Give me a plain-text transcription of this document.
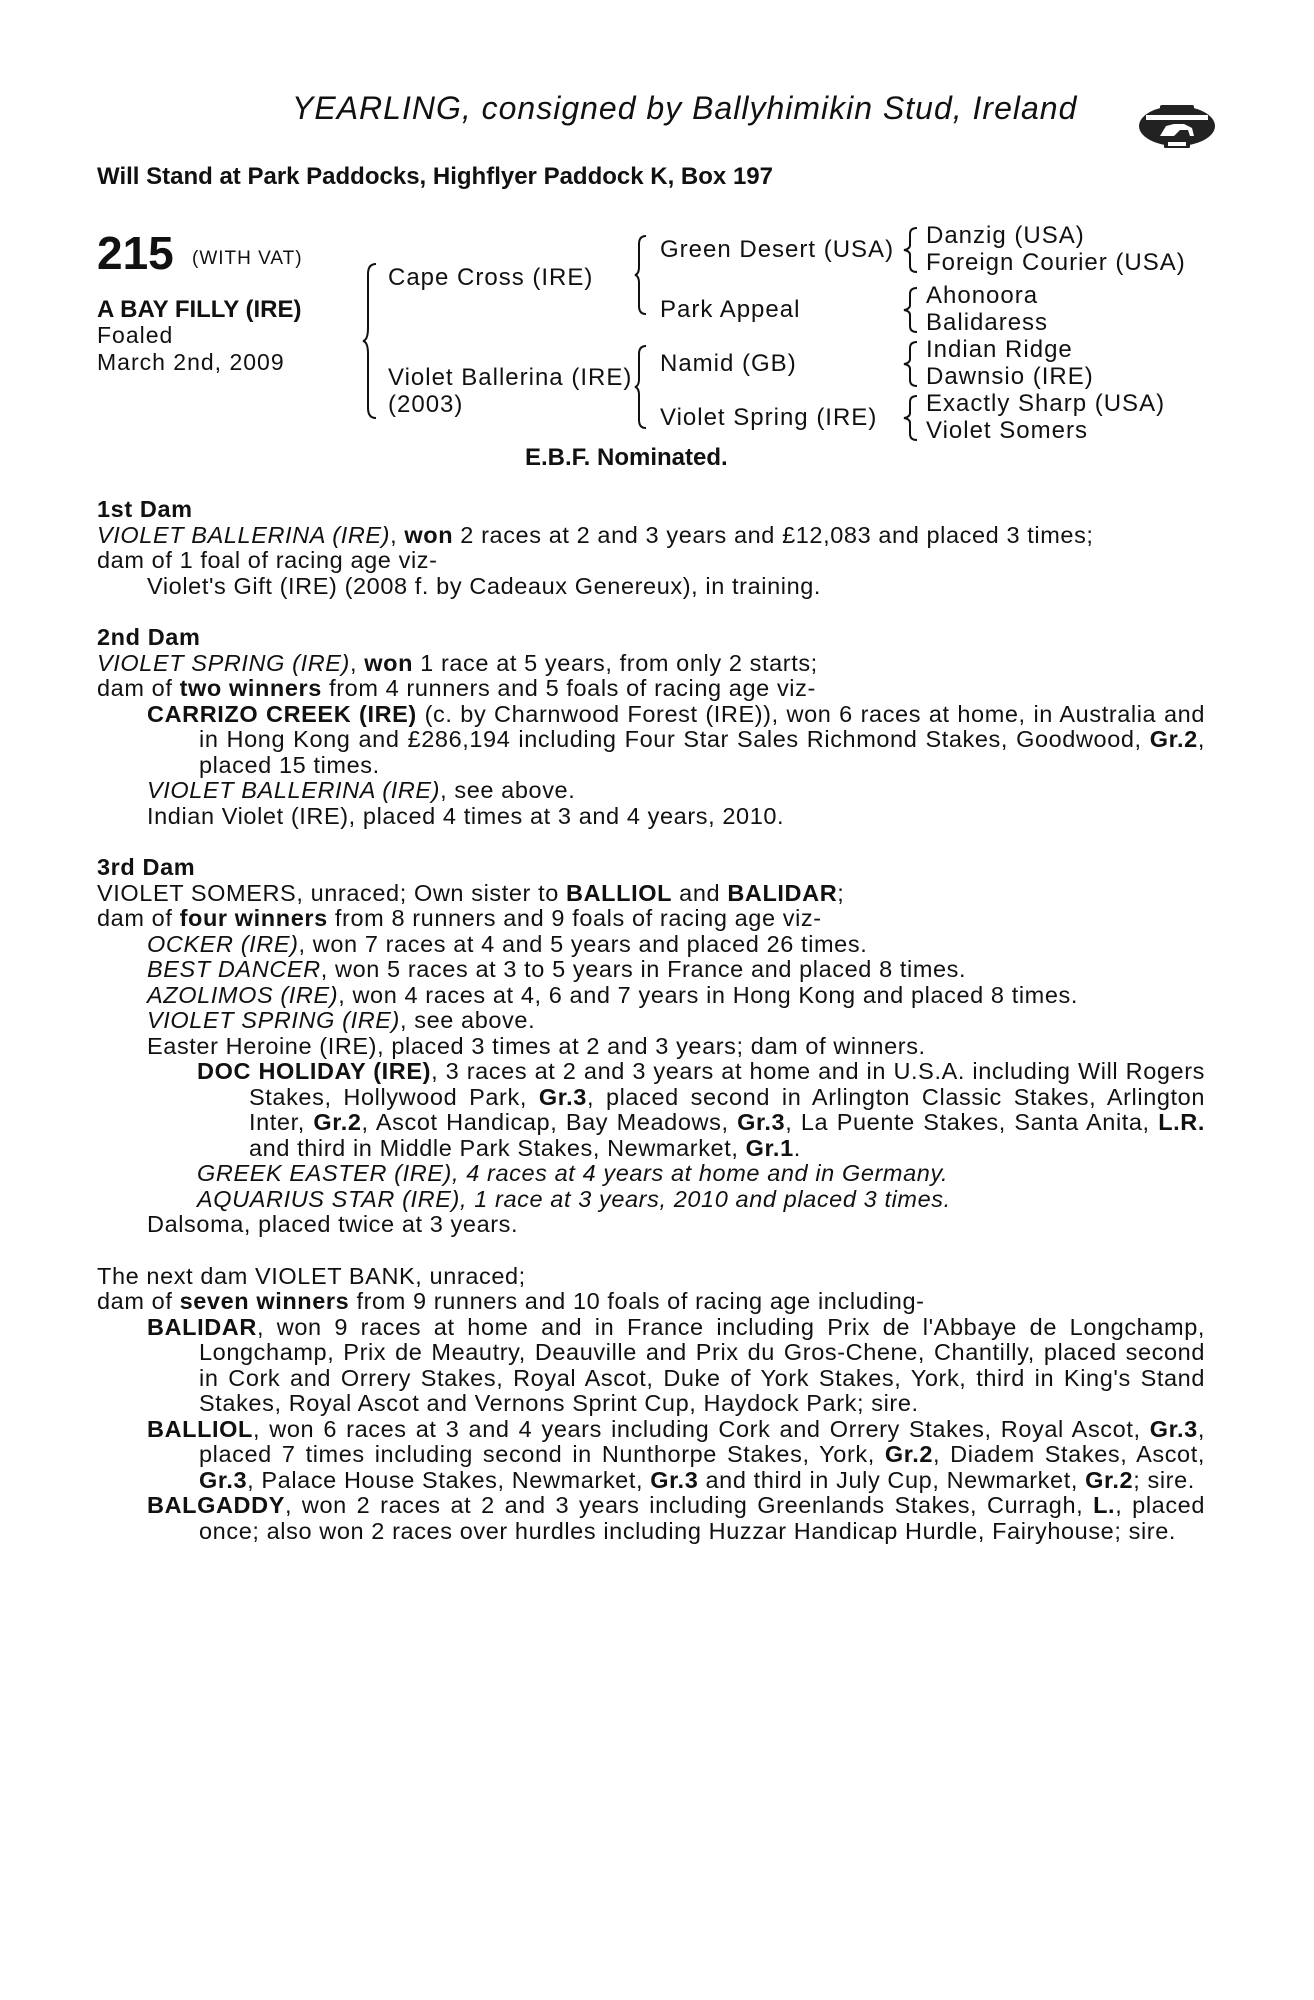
YEARLING, consigned by Ballyhimikin Stud, Ireland
Will Stand at Park Paddocks, Highflyer Paddock K, Box 197
215 (WITH VAT)
A BAY FILLY (IRE)
Foaled
March 2nd, 2009
Cape Cross (IRE)
Violet Ballerina (IRE)
(2003)
Green Desert (USA)
Park Appeal
Namid (GB)
Violet Spring (IRE)
Danzig (USA)
Foreign Courier (USA)
Ahonoora
Balidaress
Indian Ridge
Dawnsio (IRE)
Exactly Sharp (USA)
Violet Somers
E.B.F. Nominated.

1st Dam

VIOLET BALLERINA (IRE), won 2 races at 2 and 3 years and £12,083 and placed 3 times;

dam of 1 foal of racing age viz-

Violet's Gift (IRE) (2008 f. by Cadeaux Genereux), in training.

2nd Dam

VIOLET SPRING (IRE), won 1 race at 5 years, from only 2 starts;

dam of two winners from 4 runners and 5 foals of racing age viz-

CARRIZO CREEK (IRE) (c. by Charnwood Forest (IRE)), won 6 races at home, in Australia and in Hong Kong and £286,194 including Four Star Sales Richmond Stakes, Goodwood, Gr.2, placed 15 times.

VIOLET BALLERINA (IRE), see above.

Indian Violet (IRE), placed 4 times at 3 and 4 years, 2010.

3rd Dam

VIOLET SOMERS, unraced; Own sister to BALLIOL and BALIDAR;

dam of four winners from 8 runners and 9 foals of racing age viz-

OCKER (IRE), won 7 races at 4 and 5 years and placed 26 times.

BEST DANCER, won 5 races at 3 to 5 years in France and placed 8 times.

AZOLIMOS (IRE), won 4 races at 4, 6 and 7 years in Hong Kong and placed 8 times.

VIOLET SPRING (IRE), see above.

Easter Heroine (IRE), placed 3 times at 2 and 3 years; dam of winners.

DOC HOLIDAY (IRE), 3 races at 2 and 3 years at home and in U.S.A. including Will Rogers Stakes, Hollywood Park, Gr.3, placed second in Arlington Classic Stakes, Arlington Inter, Gr.2, Ascot Handicap, Bay Meadows, Gr.3, La Puente Stakes, Santa Anita, L.R. and third in Middle Park Stakes, Newmarket, Gr.1.

GREEK EASTER (IRE), 4 races at 4 years at home and in Germany.

AQUARIUS STAR (IRE), 1 race at 3 years, 2010 and placed 3 times.

Dalsoma, placed twice at 3 years.

The next dam VIOLET BANK, unraced;

dam of seven winners from 9 runners and 10 foals of racing age including-

BALIDAR, won 9 races at home and in France including Prix de l'Abbaye de Longchamp, Longchamp, Prix de Meautry, Deauville and Prix du Gros-Chene, Chantilly, placed second in Cork and Orrery Stakes, Royal Ascot, Duke of York Stakes, York, third in King's Stand Stakes, Royal Ascot and Vernons Sprint Cup, Haydock Park; sire.

BALLIOL, won 6 races at 3 and 4 years including Cork and Orrery Stakes, Royal Ascot, Gr.3, placed 7 times including second in Nunthorpe Stakes, York, Gr.2, Diadem Stakes, Ascot, Gr.3, Palace House Stakes, Newmarket, Gr.3 and third in July Cup, Newmarket, Gr.2; sire.

BALGADDY, won 2 races at 2 and 3 years including Greenlands Stakes, Curragh, L., placed once; also won 2 races over hurdles including Huzzar Handicap Hurdle, Fairyhouse; sire.
